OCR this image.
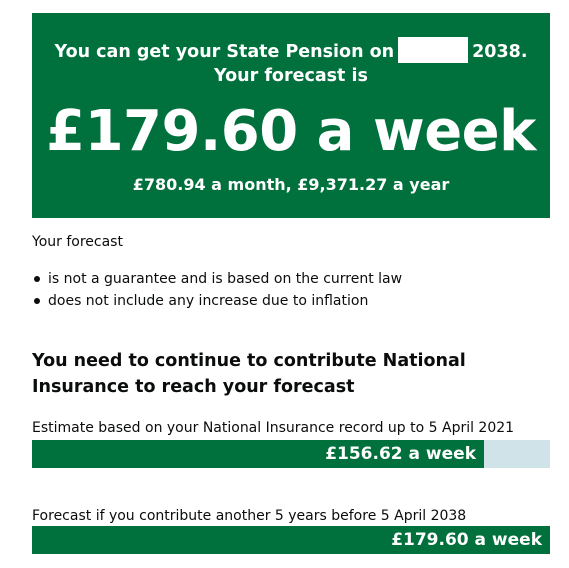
You can get your State Pension on	2038.
Your forecast is
£179.60 a week
£780.94 a month, £9,371.27 a year
Your forecast
is not a guarantee and is based on the current law
does not include any increase due to inflation
You need to continue to contribute National Insurance to reach your forecast
Estimate based on your National Insurance record up to 5 April 2021
£156.62 a week
Forecast if you contribute another 5 years before 5 April 2038
£179.60 a week
